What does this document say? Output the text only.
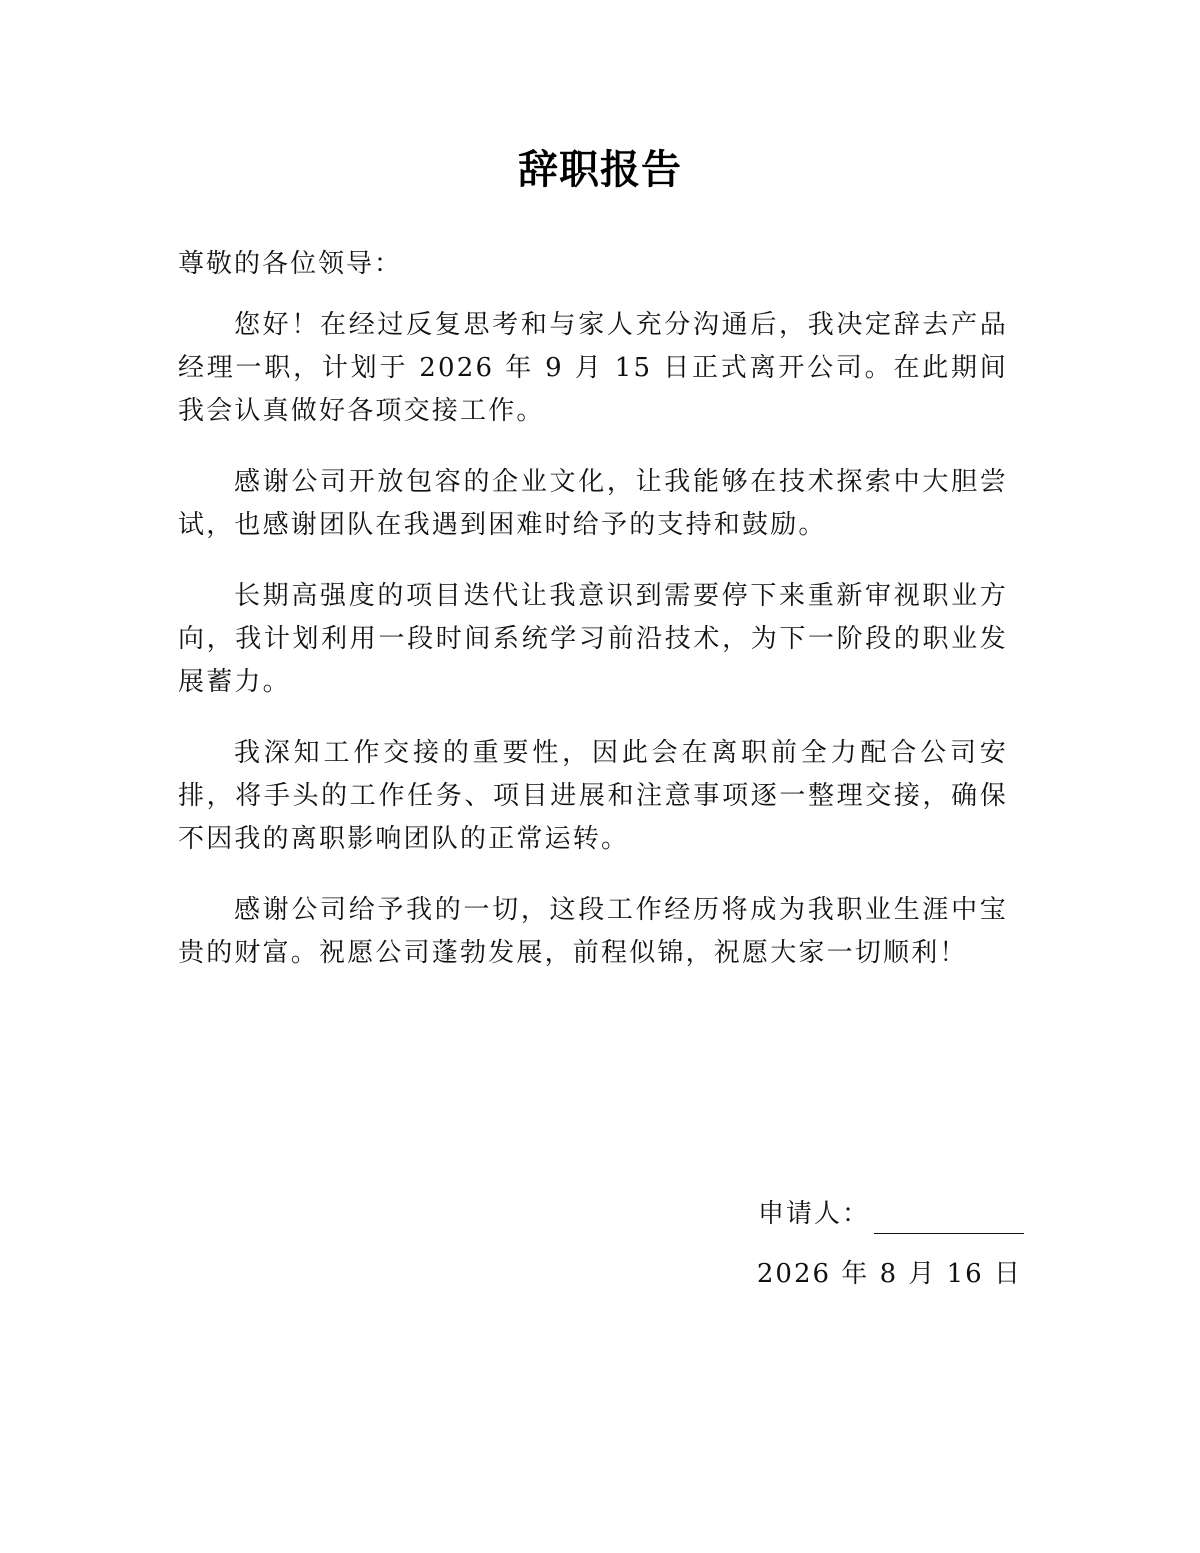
辞职报告
尊敬的各位领导：

您好！在经过反复思考和与家人充分沟通后，我决定辞去产品经理一职，计划于 2026 年 9 月 15 日正式离开公司。在此期间我会认真做好各项交接工作。

感谢公司开放包容的企业文化，让我能够在技术探索中大胆尝试，也感谢团队在我遇到困难时给予的支持和鼓励。

长期高强度的项目迭代让我意识到需要停下来重新审视职业方向，我计划利用一段时间系统学习前沿技术，为下一阶段的职业发展蓄力。

我深知工作交接的重要性，因此会在离职前全力配合公司安排，将手头的工作任务、项目进展和注意事项逐一整理交接，确保不因我的离职影响团队的正常运转。

感谢公司给予我的一切，这段工作经历将成为我职业生涯中宝贵的财富。祝愿公司蓬勃发展，前程似锦，祝愿大家一切顺利！

申请人：
2026 年 8 月 16 日
